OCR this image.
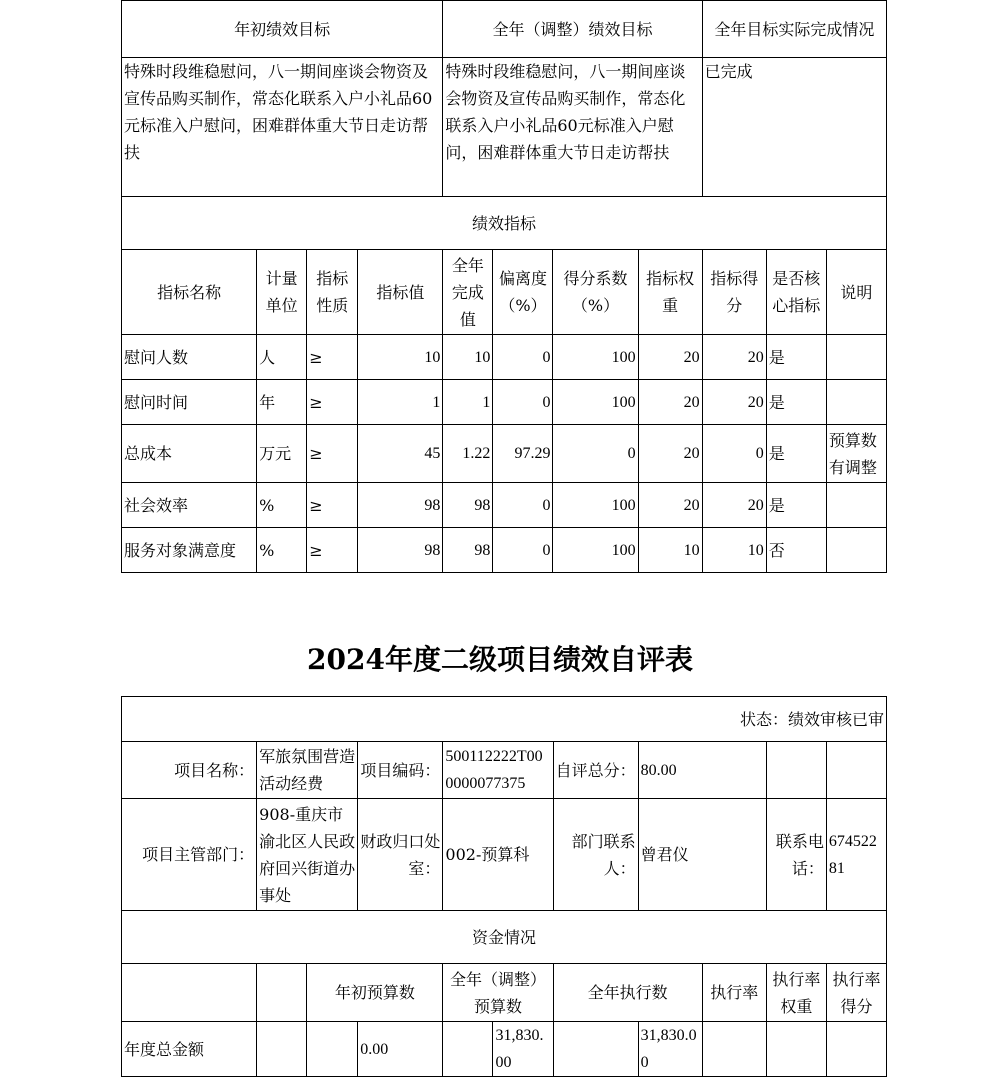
年初绩效目标				全年（调整）绩效目标				全年目标实际完成情况		
特殊时段维稳慰问，八一期间座谈会物资及宣传品购买制作，常态化联系入户小礼品60元标准入户慰问，困难群体重大节日走访帮扶				特殊时段维稳慰问，八一期间座谈会物资及宣传品购买制作，常态化联系入户小礼品60元标准入户慰问，困难群体重大节日走访帮扶				已完成		
绩效指标										
指标名称	计量单位	指标性质	指标值	全年完成值	偏离度（%）	得分系数（%）	指标权重	指标得分	是否核心指标	说明
慰问人数	人	≥	10	10	0	100	20	20	是	
慰问时间	年	≥	1	1	0	100	20	20	是	
总成本	万元	≥	45	1.22	97.29	0	20	0	是	预算数有调整
社会效率	%	≥	98	98	0	100	20	20	是	
服务对象满意度	%	≥	98	98	0	100	10	10	否	
2024年度二级项目绩效自评表
状态：绩效审核已审										
项目名称：	军旅氛围营造活动经费		项目编码：	500112222T000000077375		自评总分：	80.00			
项目主管部门：	908-重庆市渝北区人民政府回兴街道办事处		财政归口处室：	002-预算科		部门联系人：	曾君仪		联系电话：	67452281
资金情况										
		年初预算数		全年（调整）预算数		全年执行数		执行率	执行率权重	执行率得分
年度总金额			0.00		31,830.00		31,830.00			
